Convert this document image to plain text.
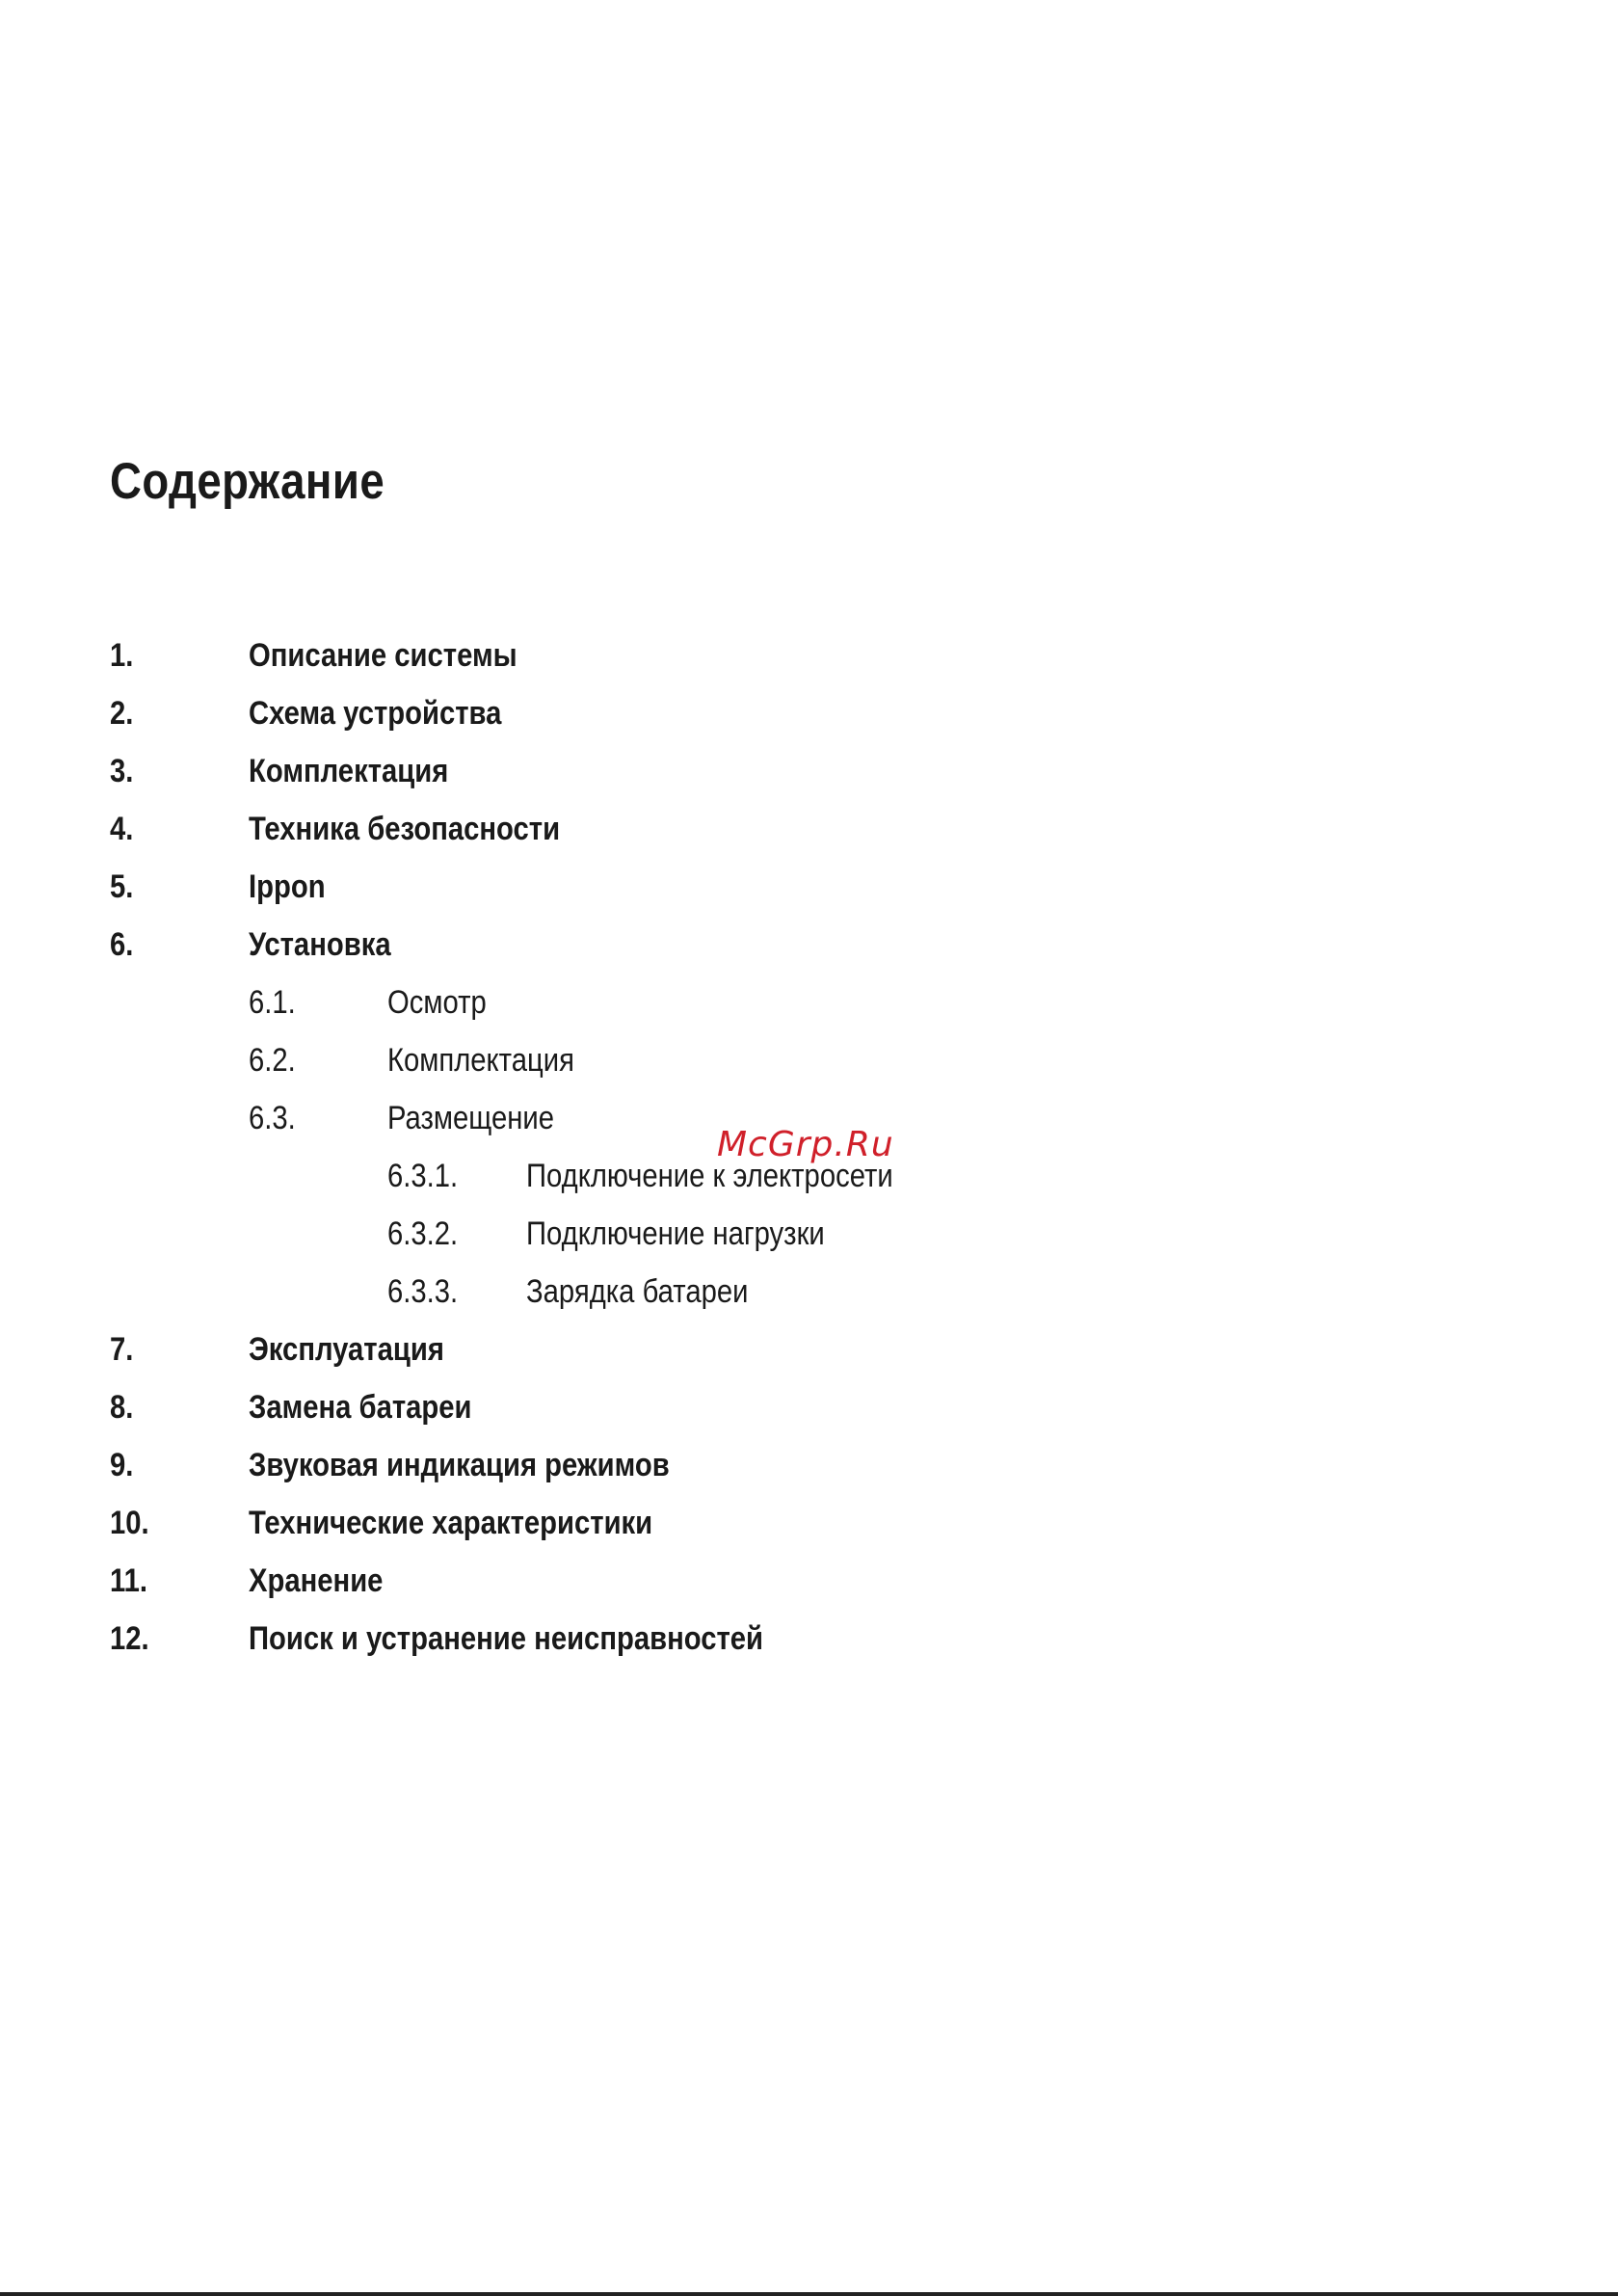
Содержание
1.	Описание системы
2.	Схема устройства
3.	Комплектация
4.	Техника безопасности
5.	Ippon
6.	Установка
6.1.	Осмотр
6.2.	Комплектация
6.3.	Размещение
6.3.1. Подключение к электросети
6.3.2. Подключение нагрузки
6.3.3. Зарядка батареи
7.	Эксплуатация
8.	Замена батареи
9.	Звуковая индикация режимов
10.	Технические характеристики
11.	Хранение
12.	Поиск и устранение неисправностей
McGrp.Ru
